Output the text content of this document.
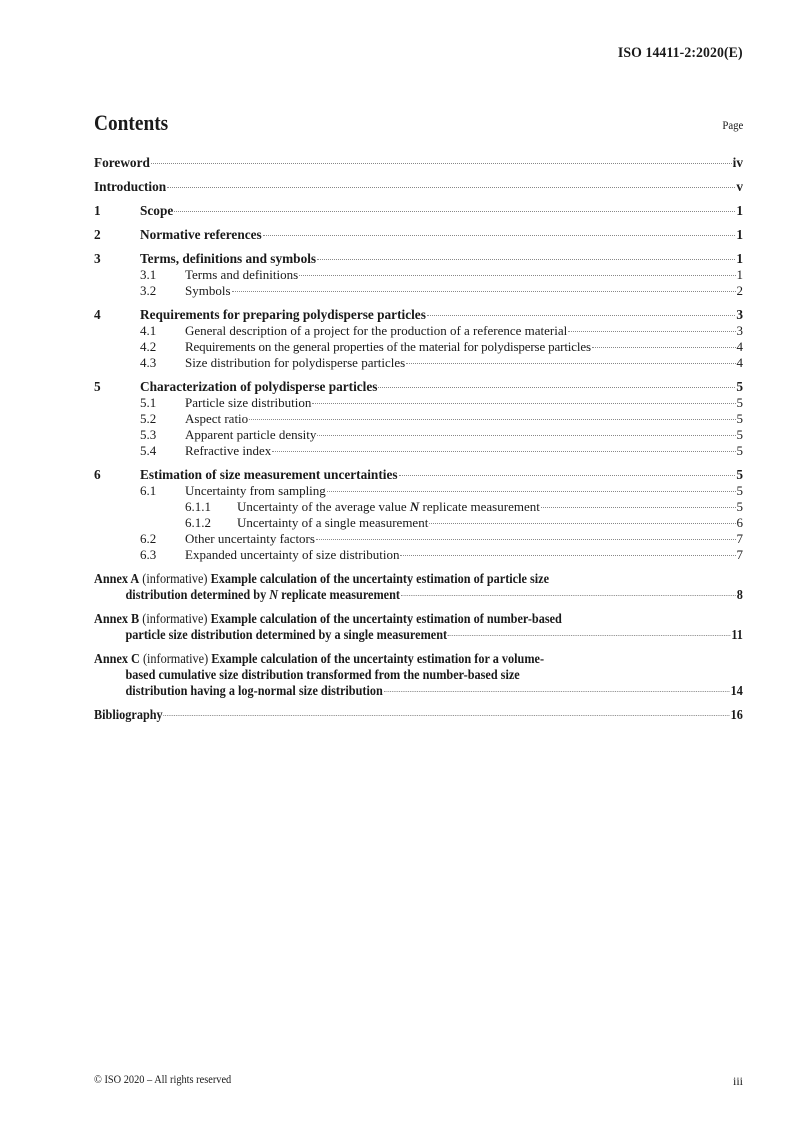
ISO 14411-2:2020(E)
Contents	Page
Foreword	iv
Introduction	v
1	Scope	1
2	Normative references	1
3	Terms, definitions and symbols	1
3.1	Terms and definitions	1
3.2	Symbols	2
4	Requirements for preparing polydisperse particles	3
4.1	General description of a project for the production of a reference material	3
4.2	Requirements on the general properties of the material for polydisperse particles	4
4.3	Size distribution for polydisperse particles	4
5	Characterization of polydisperse particles	5
5.1	Particle size distribution	5
5.2	Aspect ratio	5
5.3	Apparent particle density	5
5.4	Refractive index	5
6	Estimation of size measurement uncertainties	5
6.1	Uncertainty from sampling	5
6.1.1	Uncertainty of the average value N replicate measurement	5
6.1.2	Uncertainty of a single measurement	6
6.2	Other uncertainty factors	7
6.3	Expanded uncertainty of size distribution	7
Annex A
(informative)
Example calculation of the uncertainty estimation of particle size
distribution determined by N replicate measurement	8
Annex B
(informative)
Example calculation of the uncertainty estimation of number-based
particle size distribution determined by a single measurement	11
Annex C
(informative)
Example calculation of the uncertainty estimation for a volume-
based cumulative size distribution transformed from the number-based size
distribution having a log-normal size distribution	14
Bibliography	16
© ISO 2020 – All rights reserved	iii
